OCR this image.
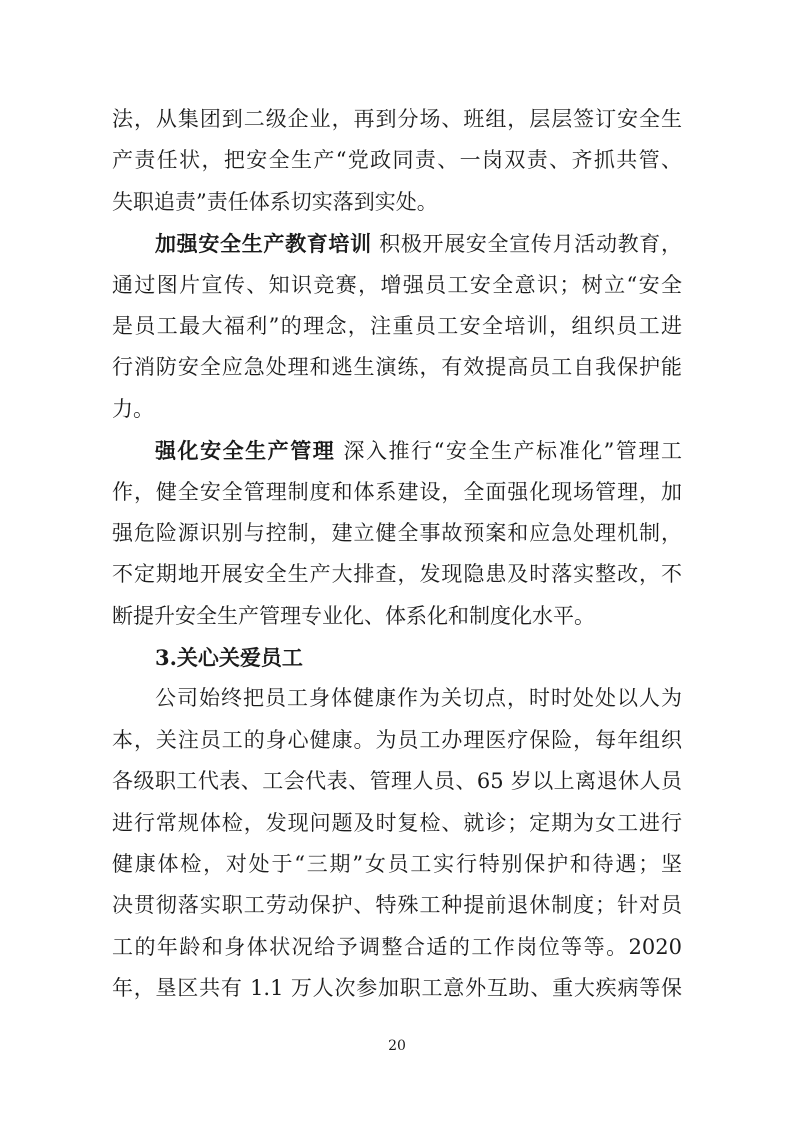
法，从集团到二级企业，再到分场、班组，层层签订安全生
产责任状，把安全生产“党政同责、一岗双责、齐抓共管、
失职追责”责任体系切实落到实处。
加强安全生产教育培训 积极开展安全宣传月活动教育，
通过图片宣传、知识竞赛，增强员工安全意识；树立“安全
是员工最大福利”的理念，注重员工安全培训，组织员工进
行消防安全应急处理和逃生演练，有效提高员工自我保护能
力。
强化安全生产管理 深入推行“安全生产标准化”管理工
作，健全安全管理制度和体系建设，全面强化现场管理，加
强危险源识别与控制，建立健全事故预案和应急处理机制，
不定期地开展安全生产大排查，发现隐患及时落实整改，不
断提升安全生产管理专业化、体系化和制度化水平。
3.关心关爱员工
公司始终把员工身体健康作为关切点，时时处处以人为
本，关注员工的身心健康。为员工办理医疗保险，每年组织
各级职工代表、工会代表、管理人员、65 岁以上离退休人员
进行常规体检，发现问题及时复检、就诊；定期为女工进行
健康体检，对处于“三期”女员工实行特别保护和待遇；坚
决贯彻落实职工劳动保护、特殊工种提前退休制度；针对员
工的年龄和身体状况给予调整合适的工作岗位等等。2020
年，垦区共有 1.1 万人次参加职工意外互助、重大疾病等保
20
